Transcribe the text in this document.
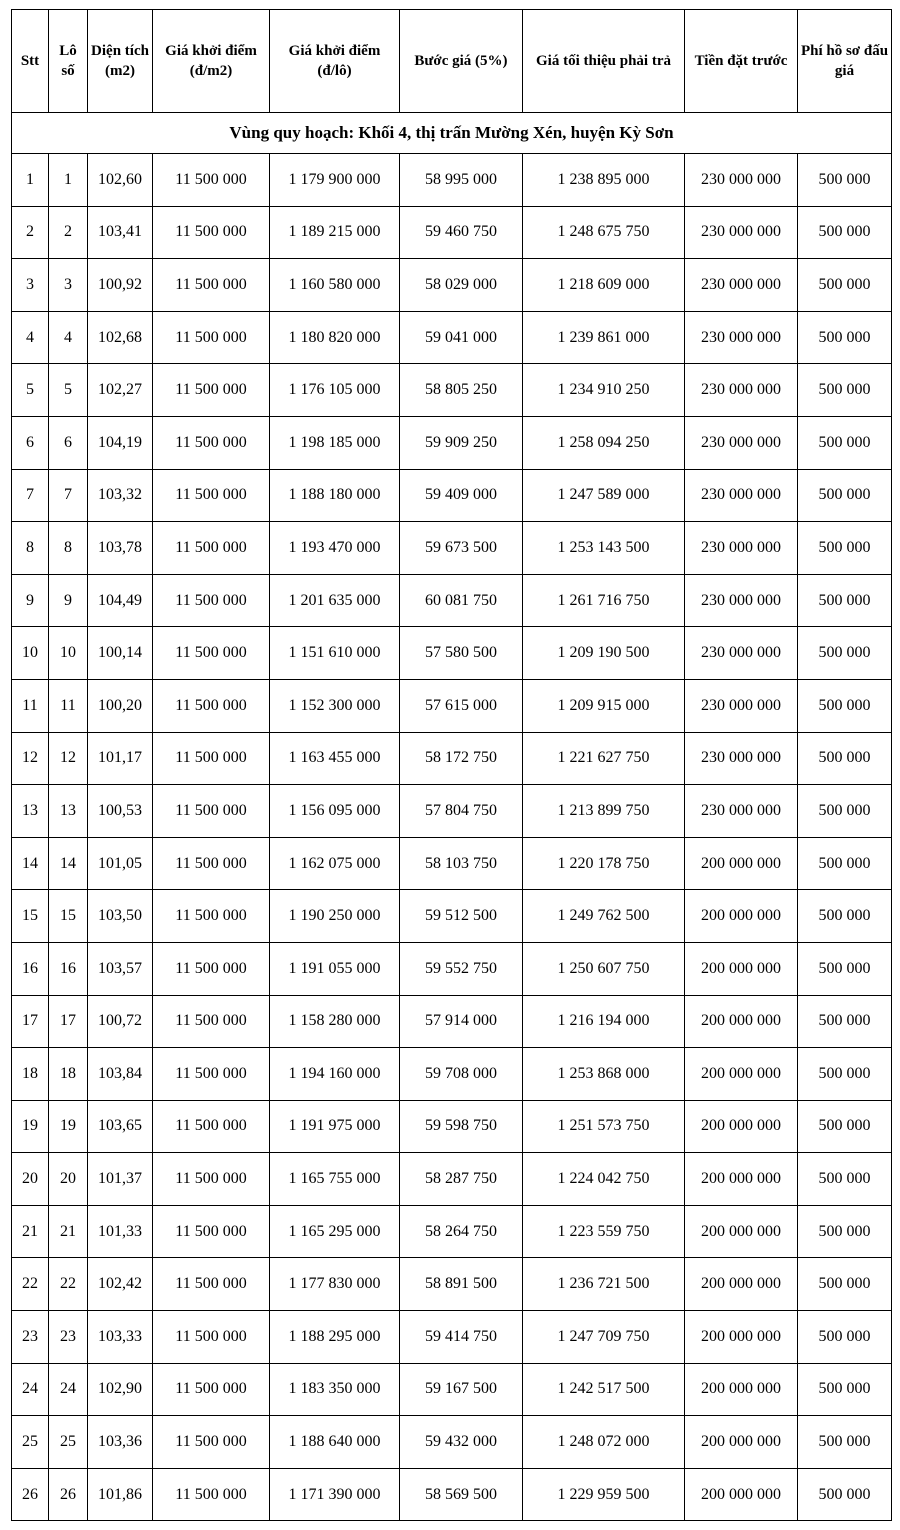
Stt	Lô số	Diện tích (m2)	Giá khởi điểm (đ/m2)	Giá khởi điểm (đ/lô)	Bước giá (5%)	Giá tối thiệu phải trả	Tiền đặt trước	Phí hồ sơ đấu giá
Vùng quy hoạch: Khối 4, thị trấn Mường Xén, huyện Kỳ Sơn								
1	1	102,60	11 500 000	1 179 900 000	58 995 000	1 238 895 000	230 000 000	500 000
2	2	103,41	11 500 000	1 189 215 000	59 460 750	1 248 675 750	230 000 000	500 000
3	3	100,92	11 500 000	1 160 580 000	58 029 000	1 218 609 000	230 000 000	500 000
4	4	102,68	11 500 000	1 180 820 000	59 041 000	1 239 861 000	230 000 000	500 000
5	5	102,27	11 500 000	1 176 105 000	58 805 250	1 234 910 250	230 000 000	500 000
6	6	104,19	11 500 000	1 198 185 000	59 909 250	1 258 094 250	230 000 000	500 000
7	7	103,32	11 500 000	1 188 180 000	59 409 000	1 247 589 000	230 000 000	500 000
8	8	103,78	11 500 000	1 193 470 000	59 673 500	1 253 143 500	230 000 000	500 000
9	9	104,49	11 500 000	1 201 635 000	60 081 750	1 261 716 750	230 000 000	500 000
10	10	100,14	11 500 000	1 151 610 000	57 580 500	1 209 190 500	230 000 000	500 000
11	11	100,20	11 500 000	1 152 300 000	57 615 000	1 209 915 000	230 000 000	500 000
12	12	101,17	11 500 000	1 163 455 000	58 172 750	1 221 627 750	230 000 000	500 000
13	13	100,53	11 500 000	1 156 095 000	57 804 750	1 213 899 750	230 000 000	500 000
14	14	101,05	11 500 000	1 162 075 000	58 103 750	1 220 178 750	200 000 000	500 000
15	15	103,50	11 500 000	1 190 250 000	59 512 500	1 249 762 500	200 000 000	500 000
16	16	103,57	11 500 000	1 191 055 000	59 552 750	1 250 607 750	200 000 000	500 000
17	17	100,72	11 500 000	1 158 280 000	57 914 000	1 216 194 000	200 000 000	500 000
18	18	103,84	11 500 000	1 194 160 000	59 708 000	1 253 868 000	200 000 000	500 000
19	19	103,65	11 500 000	1 191 975 000	59 598 750	1 251 573 750	200 000 000	500 000
20	20	101,37	11 500 000	1 165 755 000	58 287 750	1 224 042 750	200 000 000	500 000
21	21	101,33	11 500 000	1 165 295 000	58 264 750	1 223 559 750	200 000 000	500 000
22	22	102,42	11 500 000	1 177 830 000	58 891 500	1 236 721 500	200 000 000	500 000
23	23	103,33	11 500 000	1 188 295 000	59 414 750	1 247 709 750	200 000 000	500 000
24	24	102,90	11 500 000	1 183 350 000	59 167 500	1 242 517 500	200 000 000	500 000
25	25	103,36	11 500 000	1 188 640 000	59 432 000	1 248 072 000	200 000 000	500 000
26	26	101,86	11 500 000	1 171 390 000	58 569 500	1 229 959 500	200 000 000	500 000
